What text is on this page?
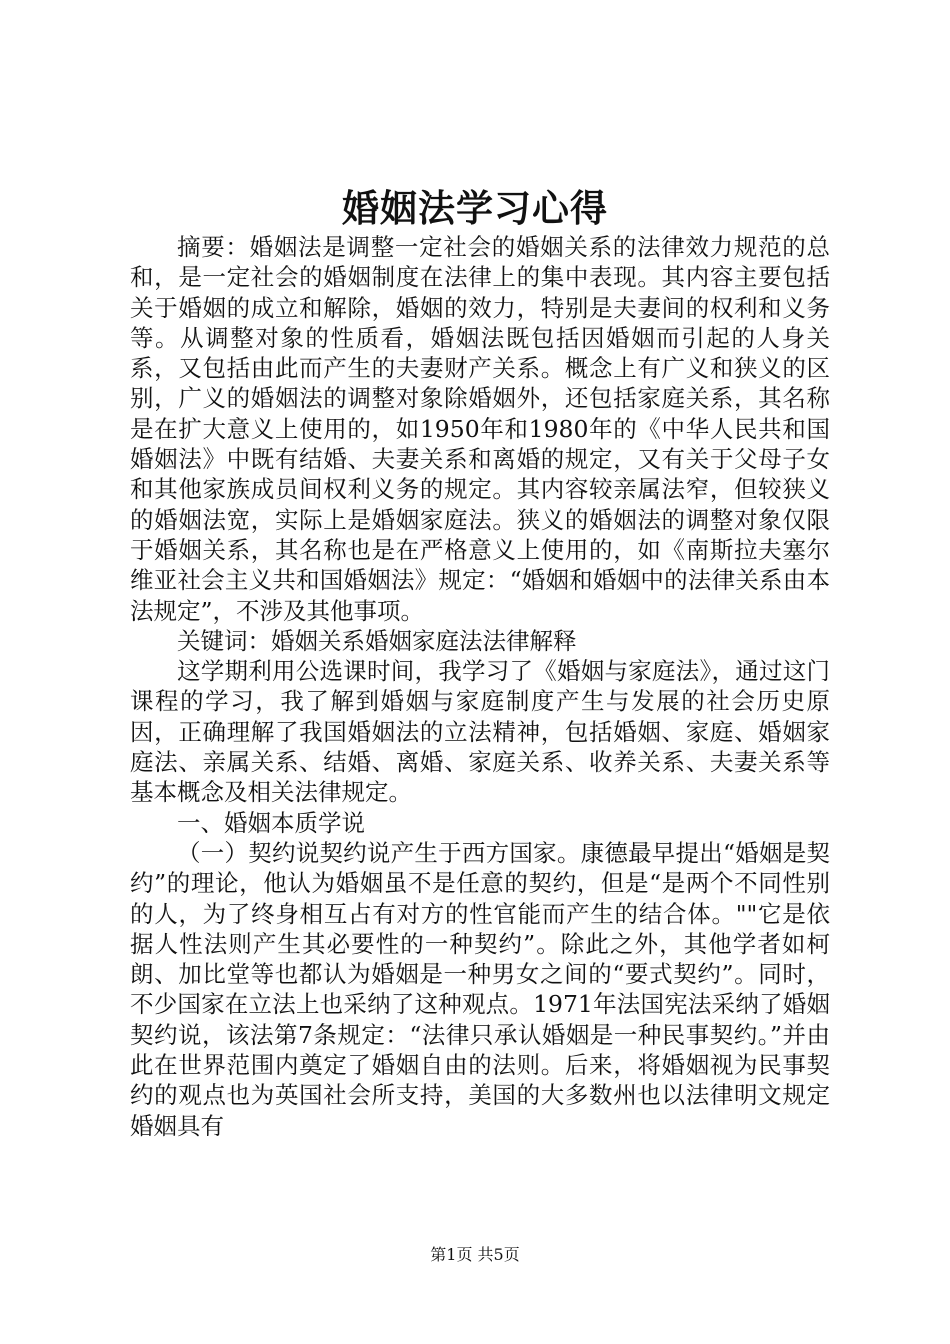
婚姻法学习心得

摘要：婚姻法是调整一定社会的婚姻关系的法律效力规范的总和，是一定社会的婚姻制度在法律上的集中表现。其内容主要包括关于婚姻的成立和解除，婚姻的效力，特别是夫妻间的权利和义务等。从调整对象的性质看，婚姻法既包括因婚姻而引起的人身关系，又包括由此而产生的夫妻财产关系。概念上有广义和狭义的区别，广义的婚姻法的调整对象除婚姻外，还包括家庭关系，其名称是在扩大意义上使用的，如1950年和1980年的《中华人民共和国婚姻法》中既有结婚、夫妻关系和离婚的规定，又有关于父母子女和其他家族成员间权利义务的规定。其内容较亲属法窄，但较狭义的婚姻法宽，实际上是婚姻家庭法。狭义的婚姻法的调整对象仅限于婚姻关系，其名称也是在严格意义上使用的，如《南斯拉夫塞尔维亚社会主义共和国婚姻法》规定：“婚姻和婚姻中的法律关系由本法规定”，不涉及其他事项。

关键词：婚姻关系婚姻家庭法法律解释

这学期利用公选课时间，我学习了《婚姻与家庭法》，通过这门课程的学习，我了解到婚姻与家庭制度产生与发展的社会历史原因，正确理解了我国婚姻法的立法精神，包括婚姻、家庭、婚姻家庭法、亲属关系、结婚、离婚、家庭关系、收养关系、夫妻关系等基本概念及相关法律规定。

一、婚姻本质学说

（一）契约说契约说产生于西方国家。康德最早提出“婚姻是契约”的理论，他认为婚姻虽不是任意的契约，但是“是两个不同性别的人，为了终身相互占有对方的性官能而产生的结合体。""它是依据人性法则产生其必要性的一种契约”。除此之外，其他学者如柯朗、加比堂等也都认为婚姻是一种男女之间的“要式契约”。同时，不少国家在立法上也采纳了这种观点。1971年法国宪法采纳了婚姻契约说，该法第7条规定：“法律只承认婚姻是一种民事契约。”并由此在世界范围内奠定了婚姻自由的法则。后来，将婚姻视为民事契约的观点也为英国社会所支持，美国的大多数州也以法律明文规定婚姻具有

第1页 共5页
